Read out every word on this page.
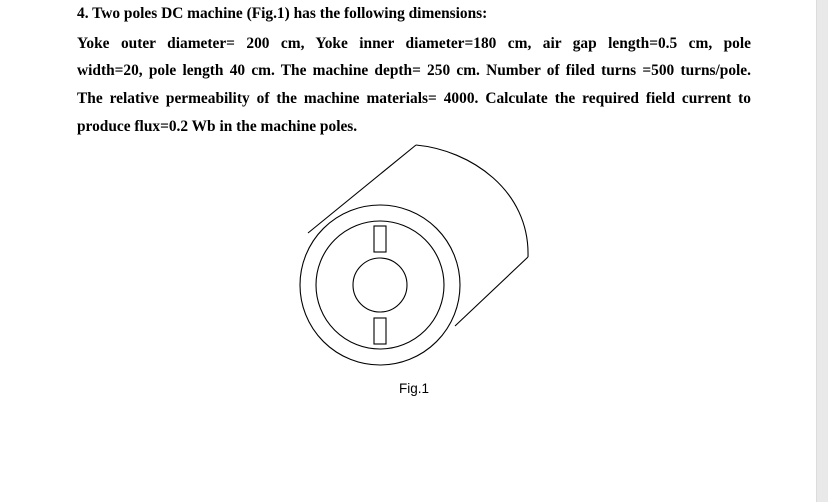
4. Two poles DC machine (Fig.1) has the following dimensions:
Yoke outer diameter= 200 cm, Yoke inner diameter=180 cm, air gap length=0.5 cm, pole
width=20, pole length 40 cm. The machine depth= 250 cm. Number of filed turns =500 turns/pole.
The relative permeability of the machine materials= 4000. Calculate the required field current to
produce flux=0.2 Wb in the machine poles.
Fig.1
